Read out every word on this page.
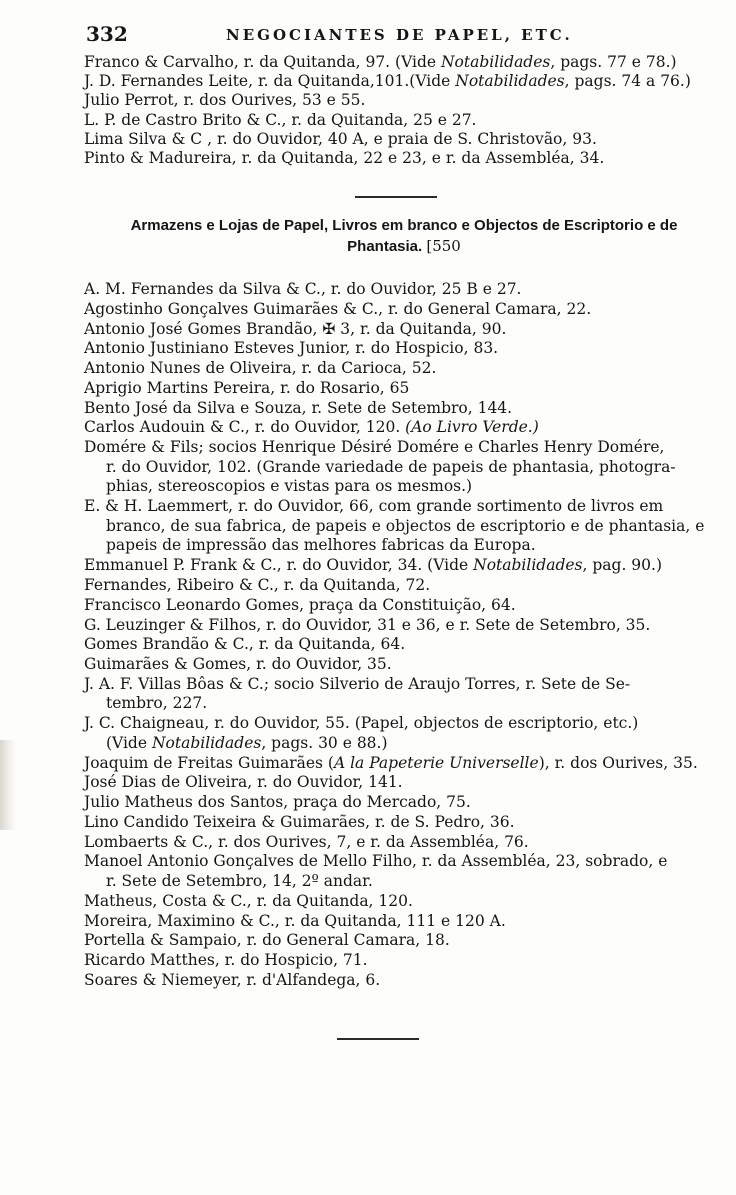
332	NEGOCIANTES DE PAPEL, ETC.
Franco & Carvalho, r. da Quitanda, 97. (Vide Notabilidades, pags. 77 e 78.)
J. D. Fernandes Leite, r. da Quitanda,101.(Vide Notabilidades, pags. 74 a 76.)
Julio Perrot, r. dos Ourives, 53 e 55.
L. P. de Castro Brito & C., r. da Quitanda, 25 e 27.
Lima Silva & C , r. do Ouvidor, 40 A, e praia de S. Christovão, 93.
Pinto & Madureira, r. da Quitanda, 22 e 23, e r. da Assembléa, 34.
Armazens e Lojas de Papel, Livros em branco e Objectos de Escriptorio e de
Phantasia. [550
A. M. Fernandes da Silva & C., r. do Ouvidor, 25 B e 27.
Agostinho Gonçalves Guimarães & C., r. do General Camara, 22.
Antonio José Gomes Brandão, ✠ 3, r. da Quitanda, 90.
Antonio Justiniano Esteves Junior, r. do Hospicio, 83.
Antonio Nunes de Oliveira, r. da Carioca, 52.
Aprigio Martins Pereira, r. do Rosario, 65
Bento José da Silva e Souza, r. Sete de Setembro, 144.
Carlos Audouin & C., r. do Ouvidor, 120. (Ao Livro Verde.)
Domére & Fils; socios Henrique Désiré Domére e Charles Henry Domére,
r. do Ouvidor, 102. (Grande variedade de papeis de phantasia, photogra-
phias, stereoscopios e vistas para os mesmos.)
E. & H. Laemmert, r. do Ouvidor, 66, com grande sortimento de livros em
branco, de sua fabrica, de papeis e objectos de escriptorio e de phantasia, e
papeis de impressão das melhores fabricas da Europa.
Emmanuel P. Frank & C., r. do Ouvidor, 34. (Vide Notabilidades, pag. 90.)
Fernandes, Ribeiro & C., r. da Quitanda, 72.
Francisco Leonardo Gomes, praça da Constituição, 64.
G. Leuzinger & Filhos, r. do Ouvidor, 31 e 36, e r. Sete de Setembro, 35.
Gomes Brandão & C., r. da Quitanda, 64.
Guimarães & Gomes, r. do Ouvidor, 35.
J. A. F. Villas Bôas & C.; socio Silverio de Araujo Torres, r. Sete de Se-
tembro, 227.
J. C. Chaigneau, r. do Ouvidor, 55. (Papel, objectos de escriptorio, etc.)
(Vide Notabilidades, pags. 30 e 88.)
Joaquim de Freitas Guimarães (A la Papeterie Universelle), r. dos Ourives, 35.
José Dias de Oliveira, r. do Ouvidor, 141.
Julio Matheus dos Santos, praça do Mercado, 75.
Lino Candido Teixeira & Guimarães, r. de S. Pedro, 36.
Lombaerts & C., r. dos Ourives, 7, e r. da Assembléa, 76.
Manoel Antonio Gonçalves de Mello Filho, r. da Assembléa, 23, sobrado, e
r. Sete de Setembro, 14, 2º andar.
Matheus, Costa & C., r. da Quitanda, 120.
Moreira, Maximino & C., r. da Quitanda, 111 e 120 A.
Portella & Sampaio, r. do General Camara, 18.
Ricardo Matthes, r. do Hospicio, 71.
Soares & Niemeyer, r. d'Alfandega, 6.
